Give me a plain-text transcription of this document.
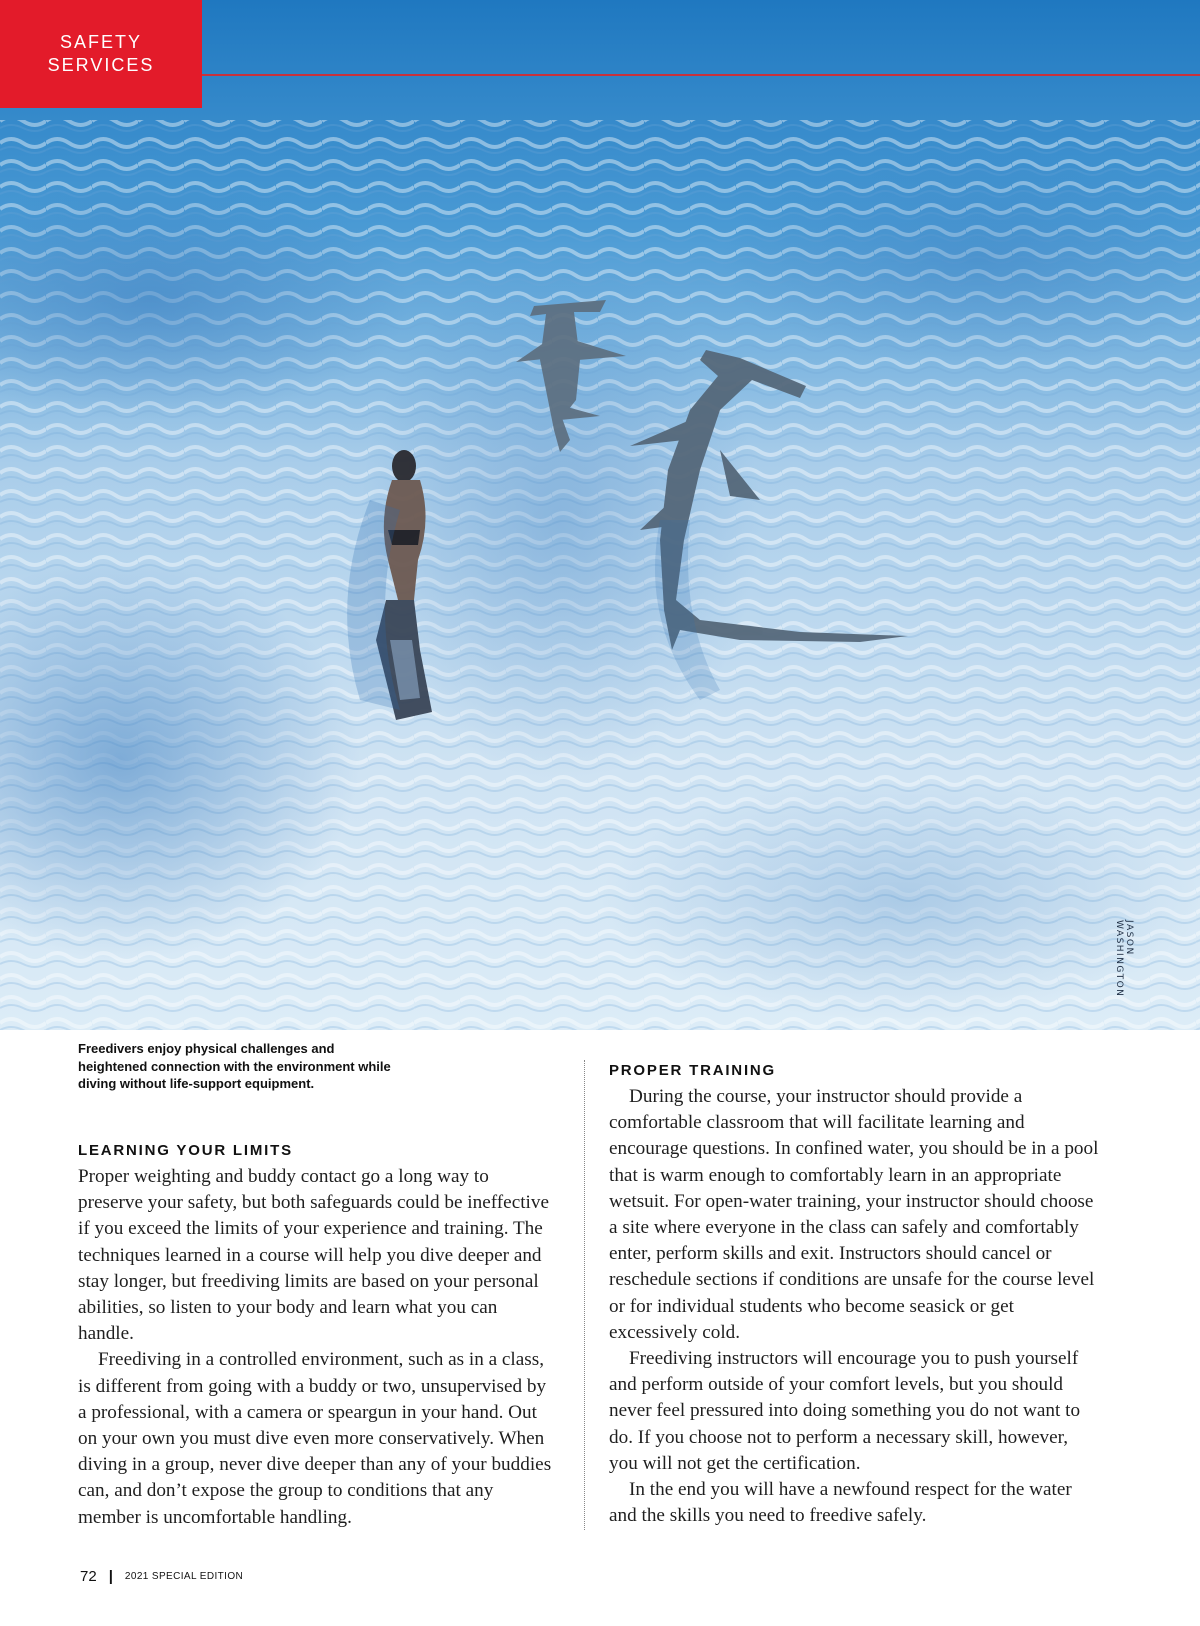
SAFETY
SERVICES
JASON WASHINGTON
Freedivers enjoy physical challenges and heightened connection with the environment while diving without life-support equipment.
LEARNING YOUR LIMITS

Proper weighting and buddy contact go a long way to preserve your safety, but both safeguards could be ineffective if you exceed the limits of your experience and training. The techniques learned in a course will help you dive deeper and stay longer, but freediving limits are based on your personal abilities, so listen to your body and learn what you can handle.

Freediving in a controlled environment, such as in a class, is different from going with a buddy or two, unsupervised by a professional, with a camera or speargun in your hand. Out on your own you must dive even more conservatively. When diving in a group, never dive deeper than any of your buddies can, and don’t expose the group to conditions that any member is uncomfortable handling.

PROPER TRAINING

During the course, your instructor should provide a comfortable classroom that will facilitate learning and encourage questions. In confined water, you should be in a pool that is warm enough to comfortably learn in an appropriate wetsuit. For open-water training, your instructor should choose a site where everyone in the class can safely and comfortably enter, perform skills and exit. Instructors should cancel or reschedule sections if conditions are unsafe for the course level or for individual students who become seasick or get excessively cold.

Freediving instructors will encourage you to push yourself and perform outside of your comfort levels, but you should never feel pressured into doing something you do not want to do. If you choose not to perform a necessary skill, however, you will not get the certification.

In the end you will have a newfound respect for the water and the skills you need to freedive safely.

72 | 2021 SPECIAL EDITION
